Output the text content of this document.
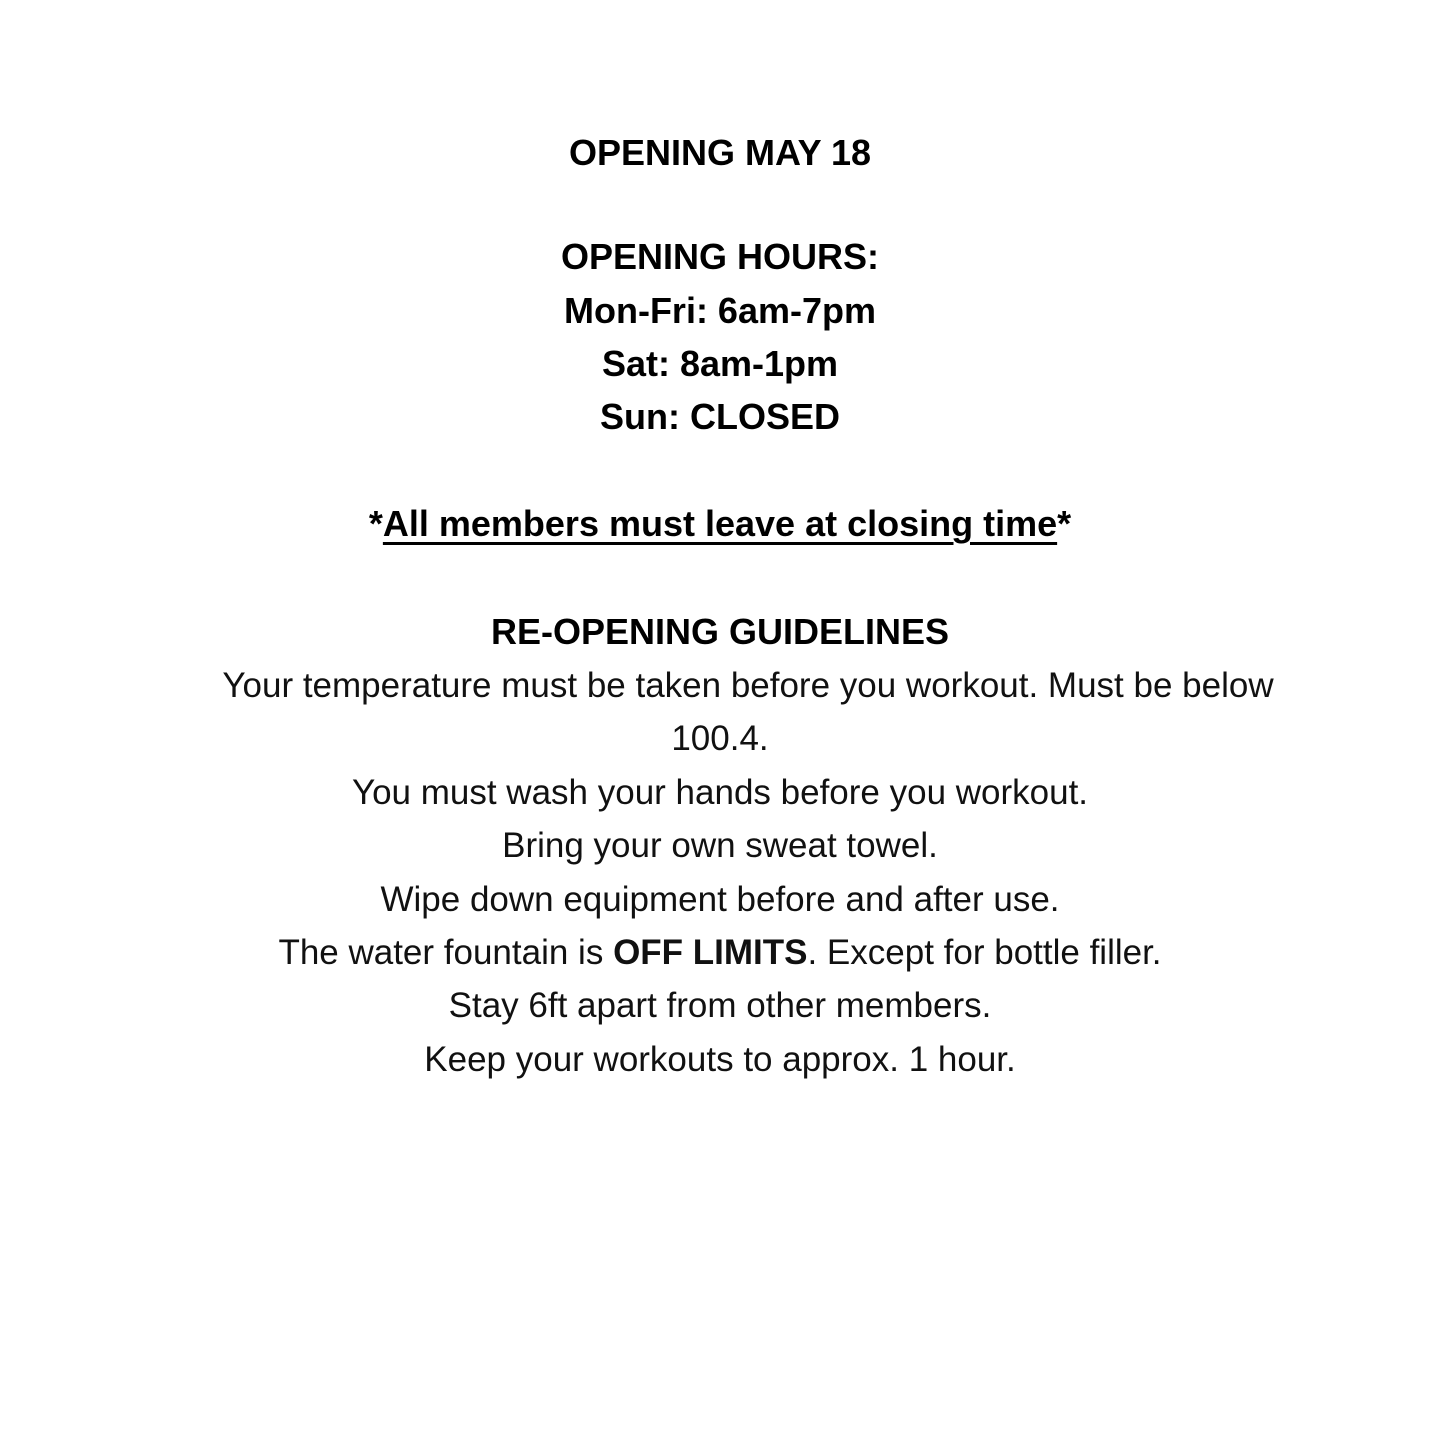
OPENING MAY 18
OPENING HOURS:
Mon-Fri: 6am-7pm
Sat: 8am-1pm
Sun: CLOSED
*All members must leave at closing time*
RE-OPENING GUIDELINES
Your temperature must be taken before you workout. Must be below
100.4.
You must wash your hands before you workout.
Bring your own sweat towel.
Wipe down equipment before and after use.
The water fountain is OFF LIMITS. Except for bottle filler.
Stay 6ft apart from other members.
Keep your workouts to approx. 1 hour.
